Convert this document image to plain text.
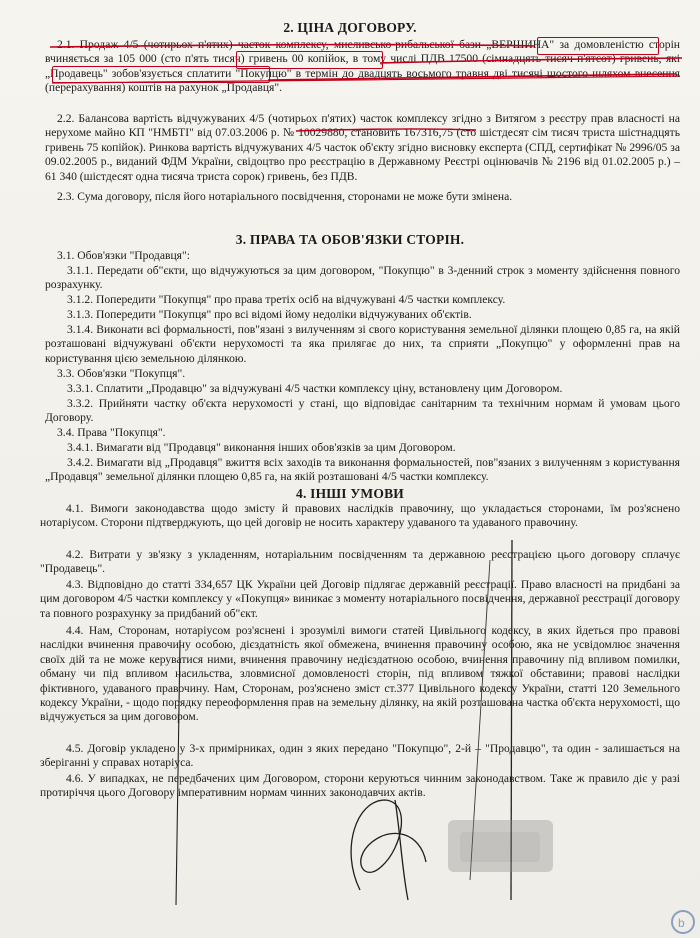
2. ЦІНА ДОГОВОРУ.

2.1. Продаж 4/5 (чотирьох п'ятих) часток комплексу, мисливсько-рибальської бази „ВЕРШИНА" за домовленістю сторін вчиняється за 105 000 (сто п'ять тисяч) гривень 00 копійок, в тому числі ПДВ 17500 (сімнадцять тисяч п'ятсот) гривень, які „Продавець" зобов'язується сплатити "Покупцю" в термін до двадцять восьмого травня дві тисячі шостого шляхом внесення (перерахування) коштів на рахунок „Продавця".

2.2. Балансова вартість відчужуваних 4/5 (чотирьох п'ятих) часток комплексу згідно з Витягом з реєстру прав власності на нерухоме майно КП "НМБТІ" від 07.03.2006 р. № 10029880, становить 167316,75 (сто шістдесят сім тисяч триста шістнадцять гривень 75 копійок). Ринкова вартість відчужуваних 4/5 часток об'єкту згідно висновку експерта (СПД, сертифікат № 2996/05 за 09.02.2005 р., виданий ФДМ України, свідоцтво про реєстрацію в Державному Реєстрі оцінювачів № 2196 від 01.02.2005 р.) – 61 340 (шістдесят одна тисяча триста сорок) гривень, без ПДВ.

2.3. Сума договору, після його нотаріального посвідчення, сторонами не може бути змінена.

3. ПРАВА ТА ОБОВ'ЯЗКИ СТОРІН.

3.1. Обов'язки "Продавця":

3.1.1. Передати об"єкти, що відчужуються за цим договором, "Покупцю" в 3-денний строк з моменту здійснення повного розрахунку.

3.1.2. Попередити "Покупця" про права третіх осіб на відчужувані 4/5 частки комплексу.

3.1.3. Попередити "Покупця" про всі відомі йому недоліки відчужуваних об'єктів.

3.1.4. Виконати всі формальності, пов"язані з вилученням зі свого користування земельної ділянки площею 0,85 га, на якій розташовані відчужувані об'єкти нерухомості та яка прилягає до них, та сприяти „Покупцю" у оформленні прав на користування цією земельною ділянкою.

3.3. Обов'язки "Покупця".

3.3.1. Сплатити „Продавцю" за відчужувані 4/5 частки комплексу ціну, встановлену цим Договором.

3.3.2. Прийняти частку об'єкта нерухомості у стані, що відповідає санітарним та технічним нормам й умовам цього Договору.

3.4. Права "Покупця".

3.4.1. Вимагати від "Продавця" виконання інших обов'язків за цим Договором.

3.4.2. Вимагати від „Продавця" вжиття всіх заходів та виконання формальностей, пов"язаних з вилученням з користування „Продавця" земельної ділянки площею 0,85 га, на якій розташовані 4/5 частки комплексу.

4. ІНШІ УМОВИ

4.1. Вимоги законодавства щодо змісту й правових наслідків правочину, що укладається сторонами, їм роз'яснено нотаріусом. Сторони підтверджують, що цей договір не носить характеру удаваного та удаваного правочину.

4.2. Витрати у зв'язку з укладенням, нотаріальним посвідченням та державною реєстрацією цього договору сплачує "Продавець".

4.3. Відповідно до статті 334,657 ЦК України цей Договір підлягає державній реєстрації. Право власності на придбані за цим договором 4/5 частки комплексу у «Покупця» виникає з моменту нотаріального посвідчення, державної реєстрації договору та повного розрахунку за придбаний об"єкт.

4.4. Нам, Сторонам, нотаріусом роз'яснені і зрозумілі вимоги статей Цивільного кодексу, в яких йдеться про правові наслідки вчинення правочину особою, дієздатність якої обмежена, вчинення правочину особою, яка не усвідомлює значення своїх дій та не може керуватися ними, вчинення правочину недієздатною особою, вчинення правочину під впливом помилки, обману чи під впливом насильства, зловмисної домовленості сторін, під впливом тяжкої обставини; правові наслідки фіктивного, удаваного правочину. Нам, Сторонам, роз'яснено зміст ст.377 Цивільного кодексу України, статті 120 Земельного кодексу України, - щодо порядку переоформлення прав на земельну ділянку, на якій розташована частка об'єкта нерухомості, що відчужується за цим договором.

4.5. Договір укладено у 3-х примірниках, один з яких передано "Покупцю", 2-й – "Продавцю", та один - залишається на зберіганні у справах нотаріуса.

4.6. У випадках, не передбачених цим Договором, сторони керуються чинним законодавством. Таке ж правило діє у разі протиріччя цього Договору імперативним нормам чинних законодавчих актів.

b
